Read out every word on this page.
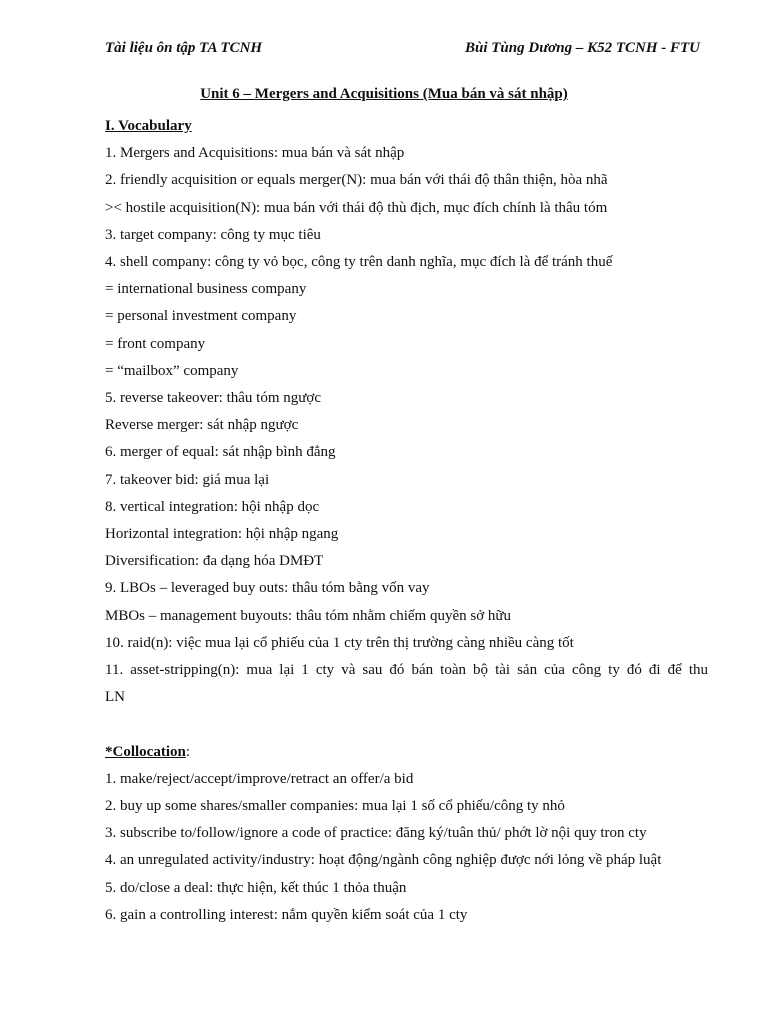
Tài liệu ôn tập TA TCNH	Bùi Tùng Dương – K52 TCNH - FTU
Unit 6 – Mergers and Acquisitions (Mua bán và sát nhập)
I. Vocabulary
1. Mergers and Acquisitions: mua bán và sát nhập
2. friendly acquisition or equals merger(N): mua bán với thái độ thân thiện, hòa nhã
>< hostile acquisition(N): mua bán với thái độ thù địch, mục đích chính là thâu tóm
3. target company: công ty mục tiêu
4. shell company: công ty vỏ bọc, công ty trên danh nghĩa, mục đích là để tránh thuế
= international business company
= personal investment company
= front company
= “mailbox” company
5. reverse takeover: thâu tóm ngược
Reverse merger: sát nhập ngược
6. merger of equal: sát nhập bình đẳng
7. takeover bid: giá mua lại
8. vertical integration: hội nhập dọc
Horizontal integration: hội nhập ngang
Diversification: đa dạng hóa DMĐT
9. LBOs – leveraged buy outs: thâu tóm bằng vốn vay
MBOs – management buyouts: thâu tóm nhằm chiếm quyền sở hữu
10. raid(n): việc mua lại cổ phiếu của 1 cty trên thị trường càng nhiều càng tốt
11. asset-stripping(n): mua lại 1 cty và sau đó bán toàn bộ tài sản của công ty đó đi để thu
LN
*Collocation:
1. make/reject/accept/improve/retract an offer/a bid
2. buy up some shares/smaller companies: mua lại 1 số cổ phiếu/công ty nhỏ
3. subscribe to/follow/ignore a code of practice: đăng ký/tuân thủ/ phớt lờ nội quy tron cty
4. an unregulated activity/industry: hoạt động/ngành công nghiệp được nới lỏng về pháp luật
5. do/close a deal: thực hiện, kết thúc 1 thỏa thuận
6. gain a controlling interest: nắm quyền kiểm soát của 1 cty
